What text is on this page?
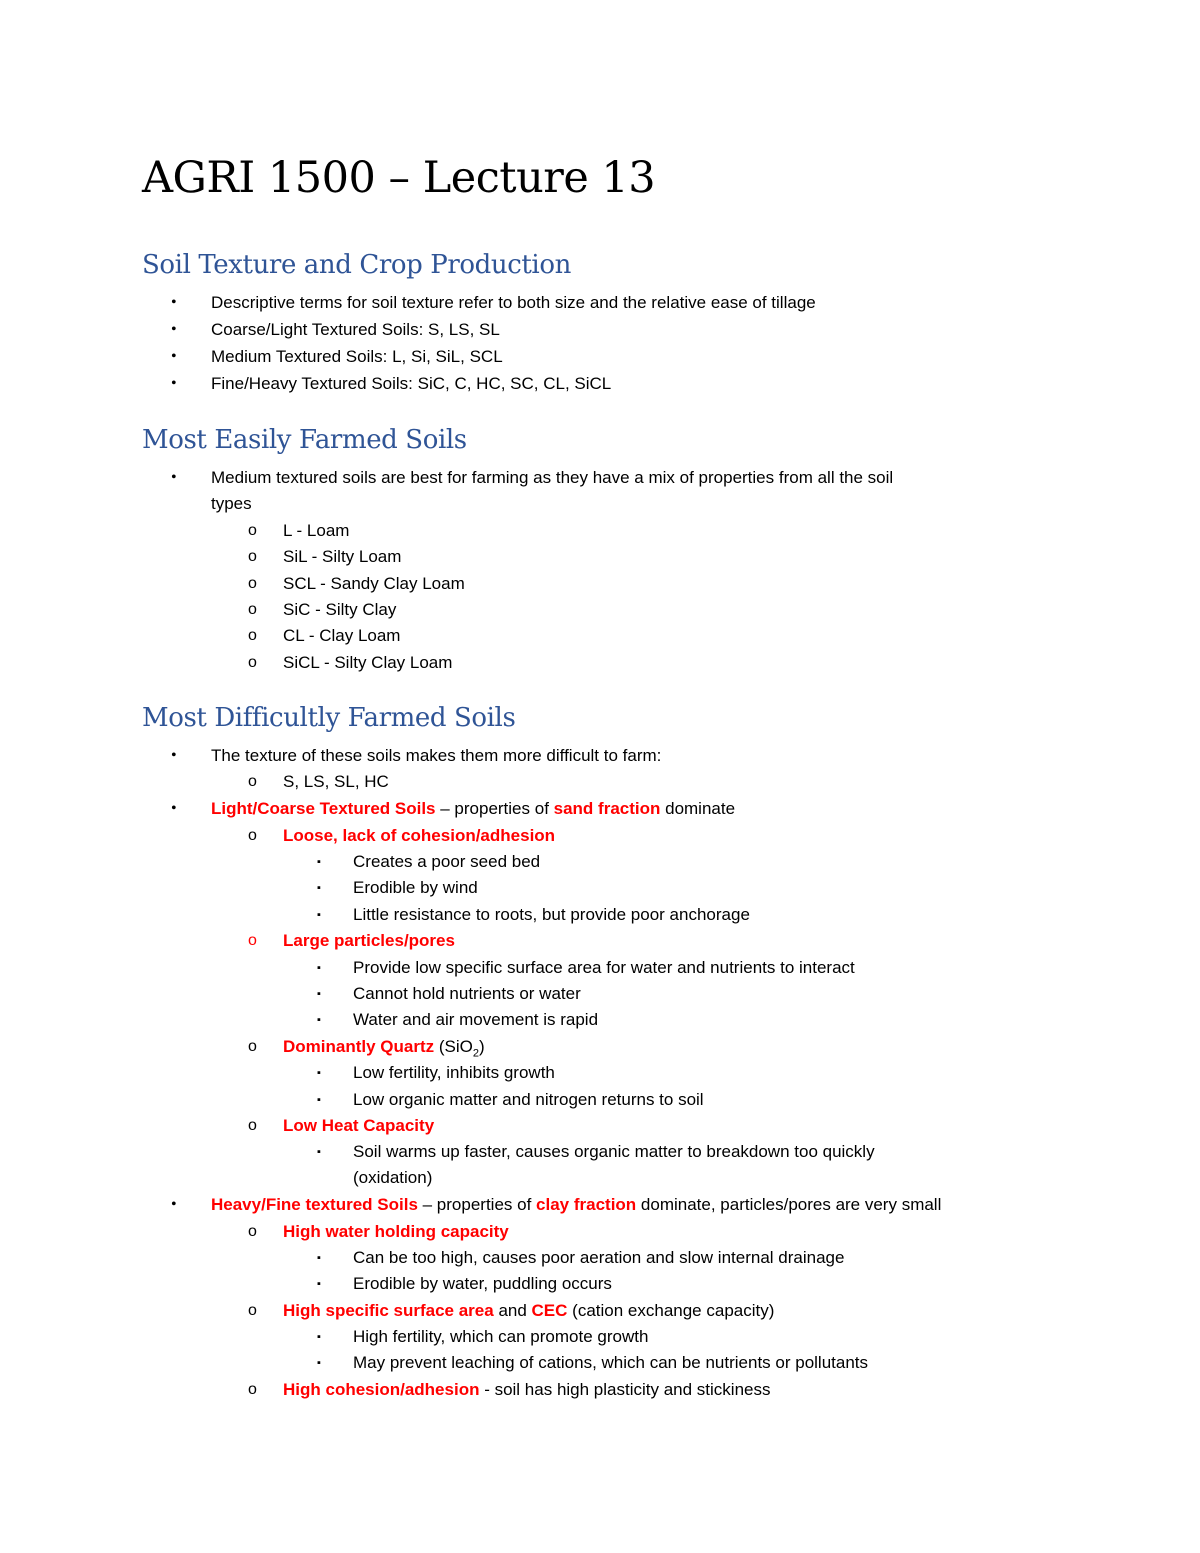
AGRI 1500 – Lecture 13
Soil Texture and Crop Production
• Descriptive terms for soil texture refer to both size and the relative ease of tillage
• Coarse/Light Textured Soils: S, LS, SL
• Medium Textured Soils: L, Si, SiL, SCL
• Fine/Heavy Textured Soils: SiC, C, HC, SC, CL, SiCL
Most Easily Farmed Soils
• Medium textured soils are best for farming as they have a mix of properties from all the soil
types
o L - Loam
o SiL - Silty Loam
o SCL - Sandy Clay Loam
o SiC - Silty Clay
o CL - Clay Loam
o SiCL - Silty Clay Loam
Most Difficultly Farmed Soils
• The texture of these soils makes them more difficult to farm:
o S, LS, SL, HC
• Light/Coarse Textured Soils – properties of sand fraction dominate
o Loose, lack of cohesion/adhesion
▪ Creates a poor seed bed
▪ Erodible by wind
▪ Little resistance to roots, but provide poor anchorage
o Large particles/pores
▪ Provide low specific surface area for water and nutrients to interact
▪ Cannot hold nutrients or water
▪ Water and air movement is rapid
o Dominantly Quartz (SiO$_2$)
▪ Low fertility, inhibits growth
▪ Low organic matter and nitrogen returns to soil
o Low Heat Capacity
▪ Soil warms up faster, causes organic matter to breakdown too quickly
(oxidation)
• Heavy/Fine textured Soils – properties of clay fraction dominate, particles/pores are very small
o High water holding capacity
▪ Can be too high, causes poor aeration and slow internal drainage
▪ Erodible by water, puddling occurs
o High specific surface area and CEC (cation exchange capacity)
▪ High fertility, which can promote growth
▪ May prevent leaching of cations, which can be nutrients or pollutants
o High cohesion/adhesion - soil has high plasticity and stickiness
